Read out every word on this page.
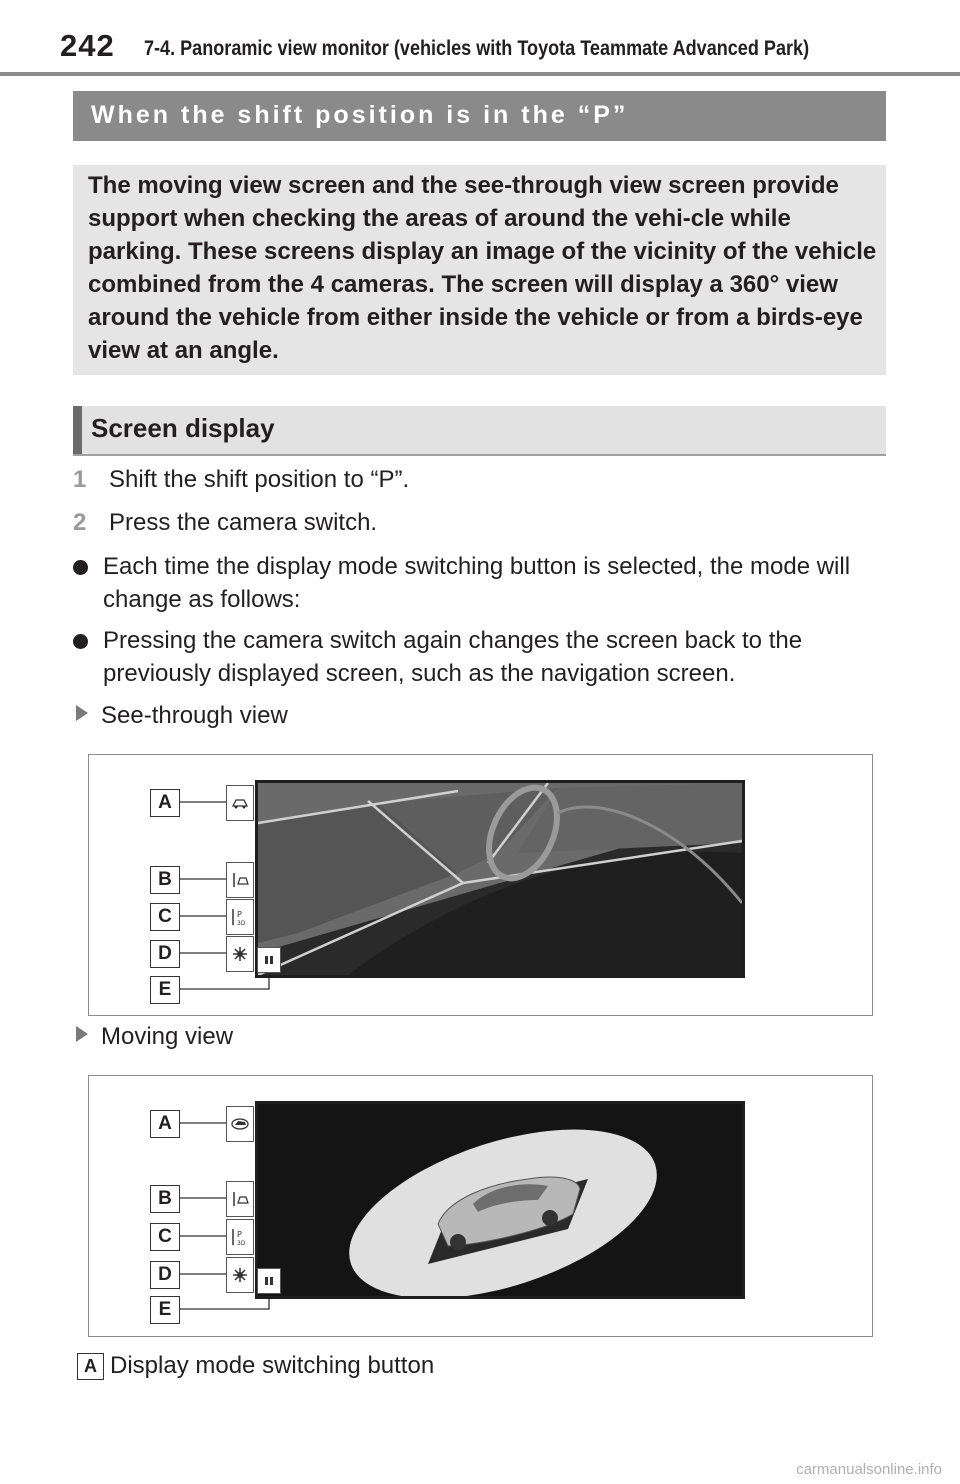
242 7-4. Panoramic view monitor (vehicles with Toyota Teammate Advanced Park)
When the shift position is in the “P”
The moving view screen and the see-through view screen provide support when checking the areas of around the vehi-cle while parking. These screens display an image of the vicinity of the vehicle combined from the 4 cameras. The screen will display a 360° view around the vehicle from either inside the vehicle or from a birds-eye view at an angle.
Screen display
1 Shift the shift position to “P”.
2 Press the camera switch.
Each time the display mode switching button is selected, the mode will change as follows:
Pressing the camera switch again changes the screen back to the previously displayed screen, such as the navigation screen.
See-through view
P
3D
A
B
C
D
E
Moving view
P
3D
A
B
C
D
E
A Display mode switching button
carmanualsonline.info
